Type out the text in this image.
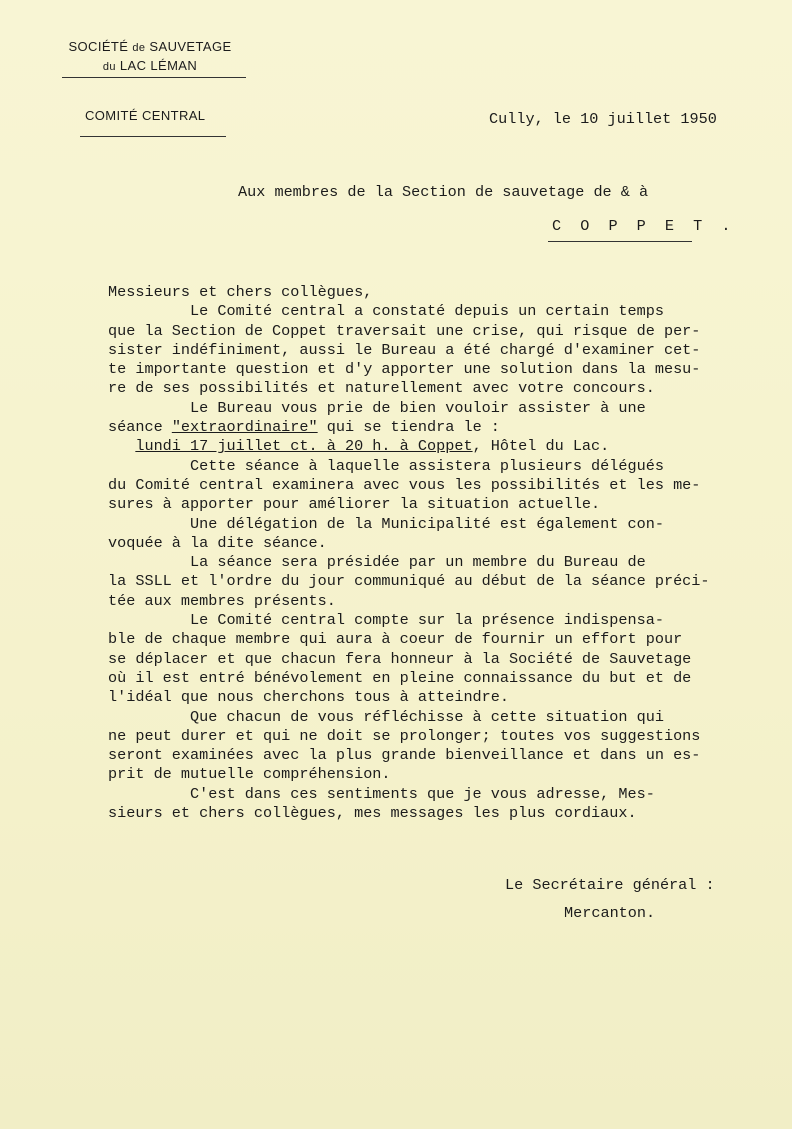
SOCIÉTÉ de SAUVETAGE
du LAC LÉMAN
COMITÉ CENTRAL	Cully, le 10 juillet 1950
Aux membres de la Section de sauvetage de & à
C O P P E T .
Messieurs et chers collègues,
Le Comité central a constaté depuis un certain temps
que la Section de Coppet traversait une crise, qui risque de per-
sister indéfiniment, aussi le Bureau a été chargé d'examiner cet-
te importante question et d'y apporter une solution dans la mesu-
re de ses possibilités et naturellement avec votre concours.
Le Bureau vous prie de bien vouloir assister à une
séance "extraordinaire" qui se tiendra le :
lundi 17 juillet ct. à 20 h. à Coppet, Hôtel du Lac.
Cette séance à laquelle assistera plusieurs délégués
du Comité central examinera avec vous les possibilités et les me-
sures à apporter pour améliorer la situation actuelle.
Une délégation de la Municipalité est également con-
voquée à la dite séance.
La séance sera présidée par un membre du Bureau de
la SSLL et l'ordre du jour communiqué au début de la séance préci-
tée aux membres présents.
Le Comité central compte sur la présence indispensa-
ble de chaque membre qui aura à coeur de fournir un effort pour
se déplacer et que chacun fera honneur à la Société de Sauvetage
où il est entré bénévolement en pleine connaissance du but et de
l'idéal que nous cherchons tous à atteindre.
Que chacun de vous réfléchisse à cette situation qui
ne peut durer et qui ne doit se prolonger; toutes vos suggestions
seront examinées avec la plus grande bienveillance et dans un es-
prit de mutuelle compréhension.
C'est dans ces sentiments que je vous adresse, Mes-
sieurs et chers collègues, mes messages les plus cordiaux.
Le Secrétaire général :
Mercanton.
